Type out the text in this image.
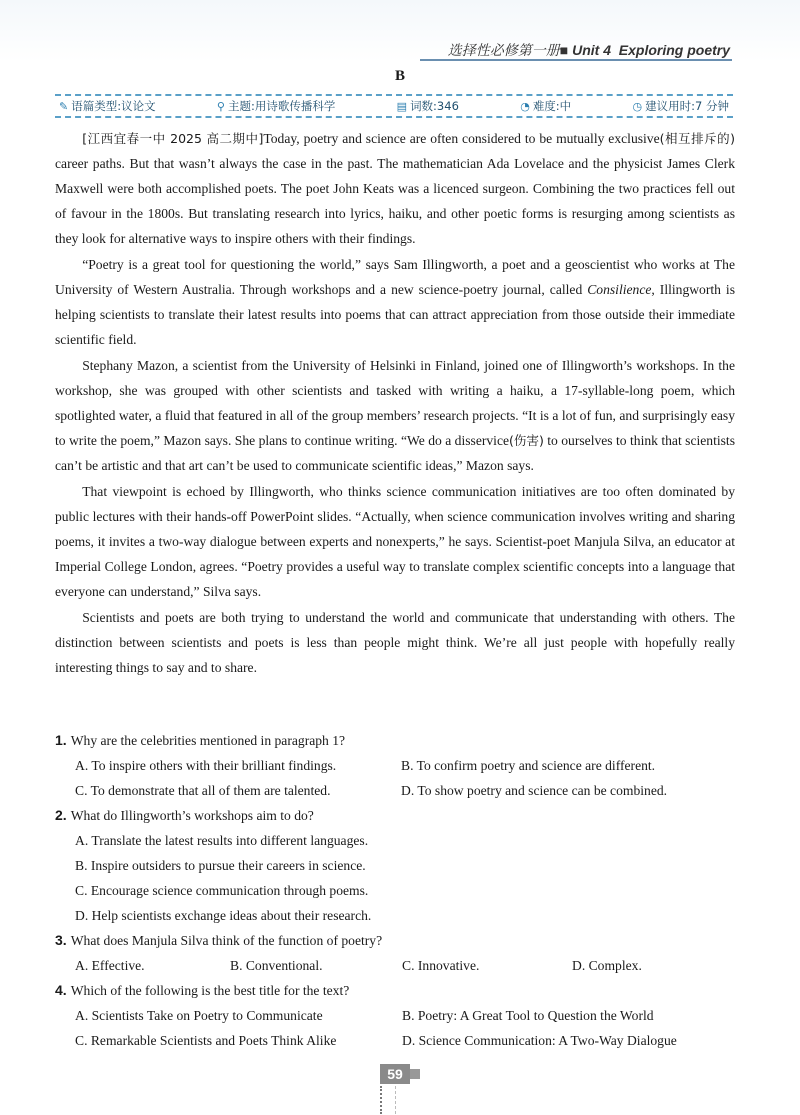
选择性必修第一册■ Unit 4 Exploring poetry
B
✎ 语篇类型:议论文	⚲ 主题:用诗歌传播科学	▤ 词数:346	◔ 难度:中	◷ 建议用时:7 分钟

[江西宜春一中 2025 高二期中]Today, poetry and science are often considered to be mutually exclusive(相互排斥的) career paths. But that wasn’t always the case in the past. The mathematician Ada Lovelace and the physicist James Clerk Maxwell were both accomplished poets. The poet John Keats was a licenced surgeon. Combining the two practices fell out of favour in the 1800s. But translating research into lyrics, haiku, and other poetic forms is resurging among scientists as they look for alternative ways to inspire others with their findings.

“Poetry is a great tool for questioning the world,” says Sam Illingworth, a poet and a geoscientist who works at The University of Western Australia. Through workshops and a new science-poetry journal, called Consilience, Illingworth is helping scientists to translate their latest results into poems that can attract appreciation from those outside their immediate scientific field.

Stephany Mazon, a scientist from the University of Helsinki in Finland, joined one of Illingworth’s workshops. In the workshop, she was grouped with other scientists and tasked with writing a haiku, a 17-syllable-long poem, which spotlighted water, a fluid that featured in all of the group members’ research projects. “It is a lot of fun, and surprisingly easy to write the poem,” Mazon says. She plans to continue writing. “We do a disservice(伤害) to ourselves to think that scientists can’t be artistic and that art can’t be used to communicate scientific ideas,” Mazon says.

That viewpoint is echoed by Illingworth, who thinks science communication initiatives are too often dominated by public lectures with their hands-off PowerPoint slides. “Actually, when science communication involves writing and sharing poems, it invites a two-way dialogue between experts and nonexperts,” he says. Scientist-poet Manjula Silva, an educator at Imperial College London, agrees. “Poetry provides a useful way to translate complex scientific concepts into a language that everyone can understand,” Silva says.

Scientists and poets are both trying to understand the world and communicate that understanding with others. The distinction between scientists and poets is less than people might think. We’re all just people with hopefully really interesting things to say and to share.

1. Why are the celebrities mentioned in paragraph 1?
A. To inspire others with their brilliant findings.	B. To confirm poetry and science are different.
C. To demonstrate that all of them are talented.	D. To show poetry and science can be combined.
2. What do Illingworth’s workshops aim to do?
A. Translate the latest results into different languages.
B. Inspire outsiders to pursue their careers in science.
C. Encourage science communication through poems.
D. Help scientists exchange ideas about their research.
3. What does Manjula Silva think of the function of poetry?
A. Effective.	B. Conventional.	C. Innovative.	D. Complex.
4. Which of the following is the best title for the text?
A. Scientists Take on Poetry to Communicate	B. Poetry: A Great Tool to Question the World
C. Remarkable Scientists and Poets Think Alike	D. Science Communication: A Two-Way Dialogue
59
